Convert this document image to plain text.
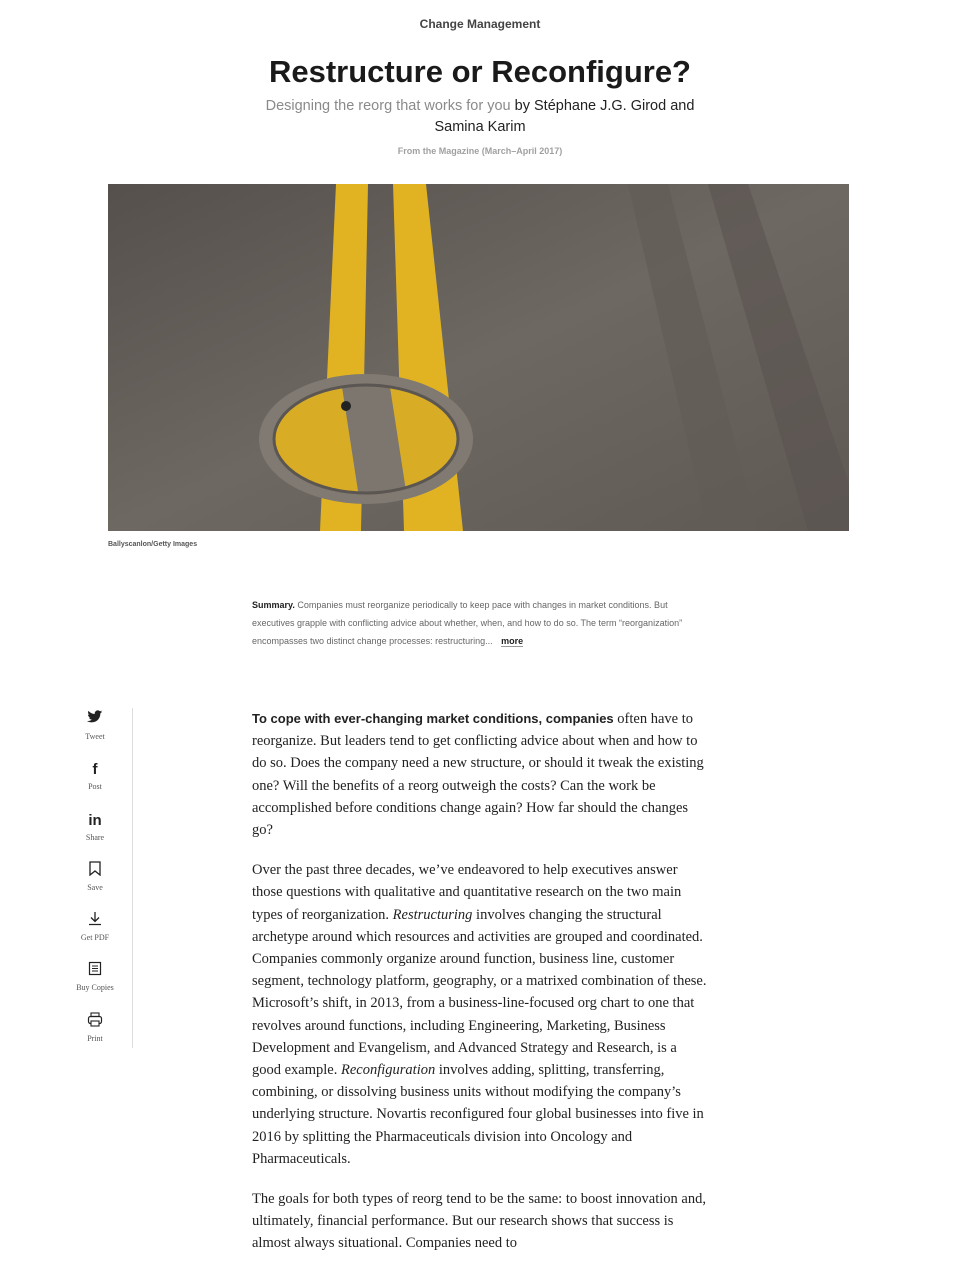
Change Management
Restructure or Reconfigure?
Designing the reorg that works for you by Stéphane J.G. Girod and Samina Karim
From the Magazine (March–April 2017)
Ballyscanlon/Getty Images
Summary. Companies must reorganize periodically to keep pace with changes in market conditions. But executives grapple with conflicting advice about whether, when, and how to do so. The term “reorganization” encompasses two distinct change processes: restructuring... more
Tweet
f
Post
in
Share
Save
Get PDF
Buy Copies
Print

To cope with ever-changing market conditions, companies often have to reorganize. But leaders tend to get conflicting advice about when and how to do so. Does the company need a new structure, or should it tweak the existing one? Will the benefits of a reorg outweigh the costs? Can the work be accomplished before conditions change again? How far should the changes go?

Over the past three decades, we’ve endeavored to help executives answer those questions with qualitative and quantitative research on the two main types of reorganization. Restructuring involves changing the structural archetype around which resources and activities are grouped and coordinated. Companies commonly organize around function, business line, customer segment, technology platform, geography, or a matrixed combination of these. Microsoft’s shift, in 2013, from a business-line-focused org chart to one that revolves around functions, including Engineering, Marketing, Business Development and Evangelism, and Advanced Strategy and Research, is a good example. Reconfiguration involves adding, splitting, transferring, combining, or dissolving business units without modifying the company’s underlying structure. Novartis reconfigured four global businesses into five in 2016 by splitting the Pharmaceuticals division into Oncology and Pharmaceuticals.

The goals for both types of reorg tend to be the same: to boost innovation and, ultimately, financial performance. But our research shows that success is almost always situational. Companies need to
